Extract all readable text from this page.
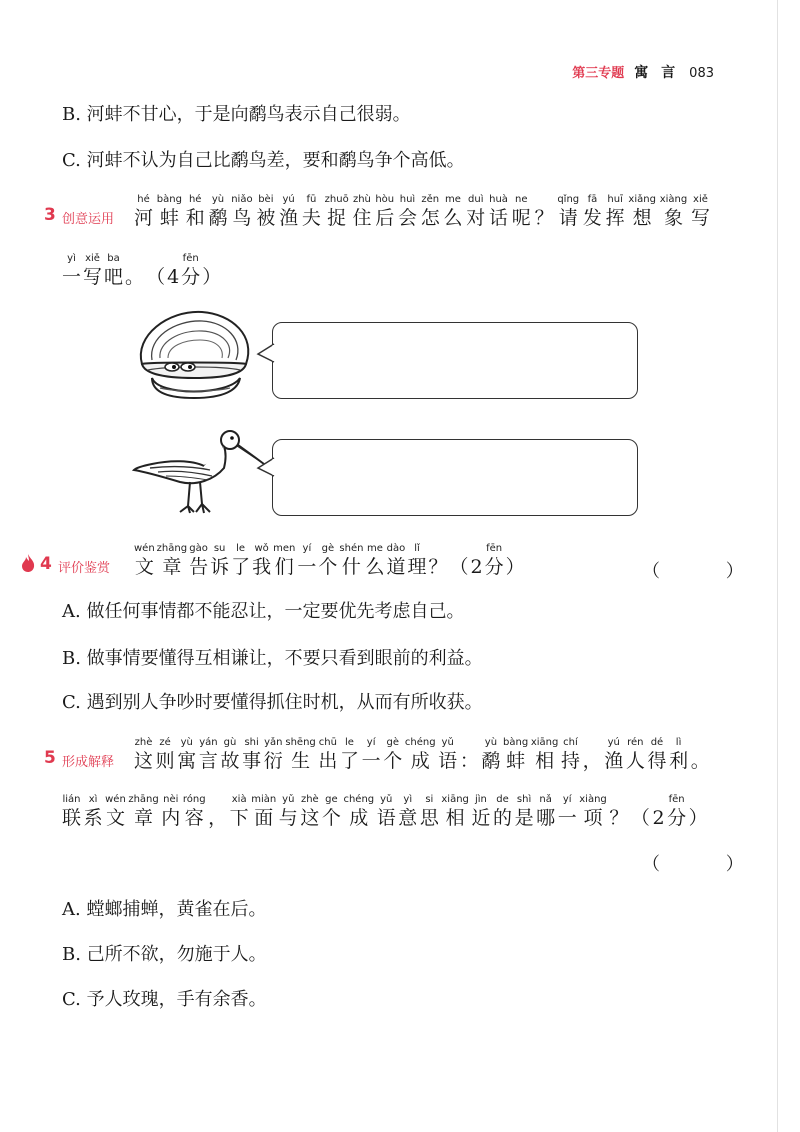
第三专题 寓 言 083
B. 河蚌不甘心，于是向鹬鸟表示自己很弱。
C. 河蚌不认为自己比鹬鸟差，要和鹬鸟争个高低。
3 创意运用
hé
河
bàng
蚌
hé
和
yù
鹬
niǎo
鸟
bèi
被
yú
渔
fū
夫
zhuō
捉
zhù
住
hòu
后
huì
会
zěn
怎
me
么
duì
对
huà
话
ne
呢 ？
qǐng
请
fā
发
huī
挥
xiǎng
想
xiàng
象
xiě
写
yì
一
xiě
写
ba
吧 。 （ 4
fēn
分 ）
4 评价鉴赏
wén
文
zhāng
章
gào
告
su
诉
le
了
wǒ
我
men
们
yí
一
gè
个
shén
什
me
么
dào
道
lǐ
理 ？ （ 2
fēn
分 ）	（ ）
A. 做任何事情都不能忍让，一定要优先考虑自己。
B. 做事情要懂得互相谦让，不要只看到眼前的利益。
C. 遇到别人争吵时要懂得抓住时机，从而有所收获。
5 形成解释
zhè
这
zé
则
yù
寓
yán
言
gù
故
shi
事
yǎn
衍
shēng
生
chū
出
le
了
yí
一
gè
个
chéng
成
yǔ
语 ：
yù
鹬
bàng
蚌
xiāng
相
chí
持 ，
yú
渔
rén
人
dé
得
lì
利 。
lián
联
xì
系
wén
文
zhāng
章
nèi
内
róng
容 ，
xià
下
miàn
面
yǔ
与
zhè
这
ge
个
chéng
成
yǔ
语
yì
意
si
思
xiāng
相
jìn
近
de
的
shì
是
nǎ
哪
yí
一
xiàng
项 ？ （ 2
fēn
分 ）
（ ）
A. 螳螂捕蝉，黄雀在后。
B. 己所不欲，勿施于人。
C. 予人玫瑰，手有余香。
